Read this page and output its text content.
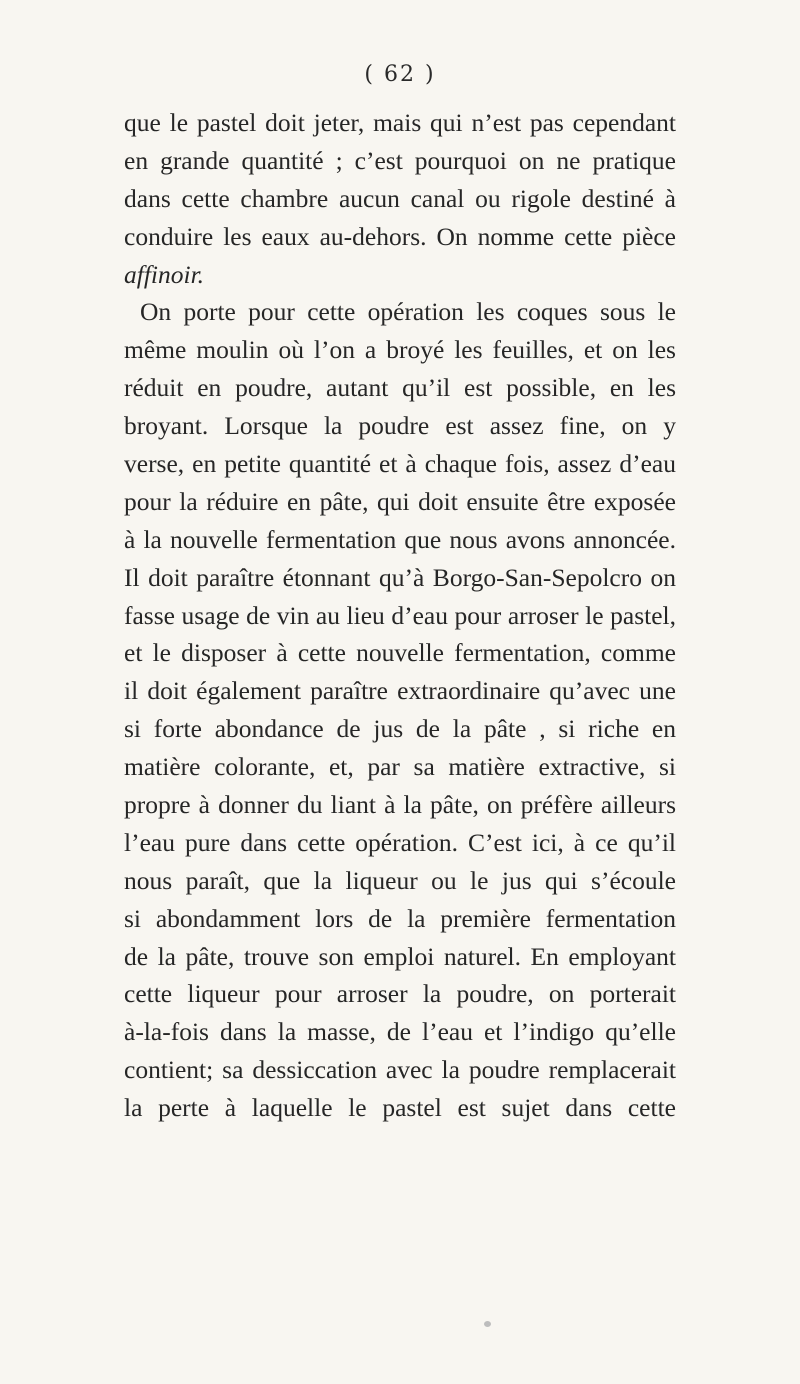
( 62 )
que le pastel doit jeter, mais qui n’est pas cependant
en grande quantité ; c’est pourquoi on ne pratique
dans cette chambre aucun canal ou rigole destiné à
conduire les eaux au-dehors. On nomme cette pièce
affinoir.
On porte pour cette opération les coques sous le
même moulin où l’on a broyé les feuilles, et on les
réduit en poudre, autant qu’il est possible, en les
broyant. Lorsque la poudre est assez fine, on y
verse, en petite quantité et à chaque fois, assez d’eau
pour la réduire en pâte, qui doit ensuite être exposée
à la nouvelle fermentation que nous avons annoncée.
Il doit paraître étonnant qu’à Borgo-San-Sepolcro on
fasse usage de vin au lieu d’eau pour arroser le pastel,
et le disposer à cette nouvelle fermentation, comme
il doit également paraître extraordinaire qu’avec une
si forte abondance de jus de la pâte , si riche en
matière colorante, et, par sa matière extractive, si
propre à donner du liant à la pâte, on préfère ailleurs
l’eau pure dans cette opération. C’est ici, à ce qu’il
nous paraît, que la liqueur ou le jus qui s’écoule
si abondamment lors de la première fermentation
de la pâte, trouve son emploi naturel. En employant
cette liqueur pour arroser la poudre, on porterait
à-la-fois dans la masse, de l’eau et l’indigo qu’elle
contient; sa dessiccation avec la poudre remplacerait
la perte à laquelle le pastel est sujet dans cette
